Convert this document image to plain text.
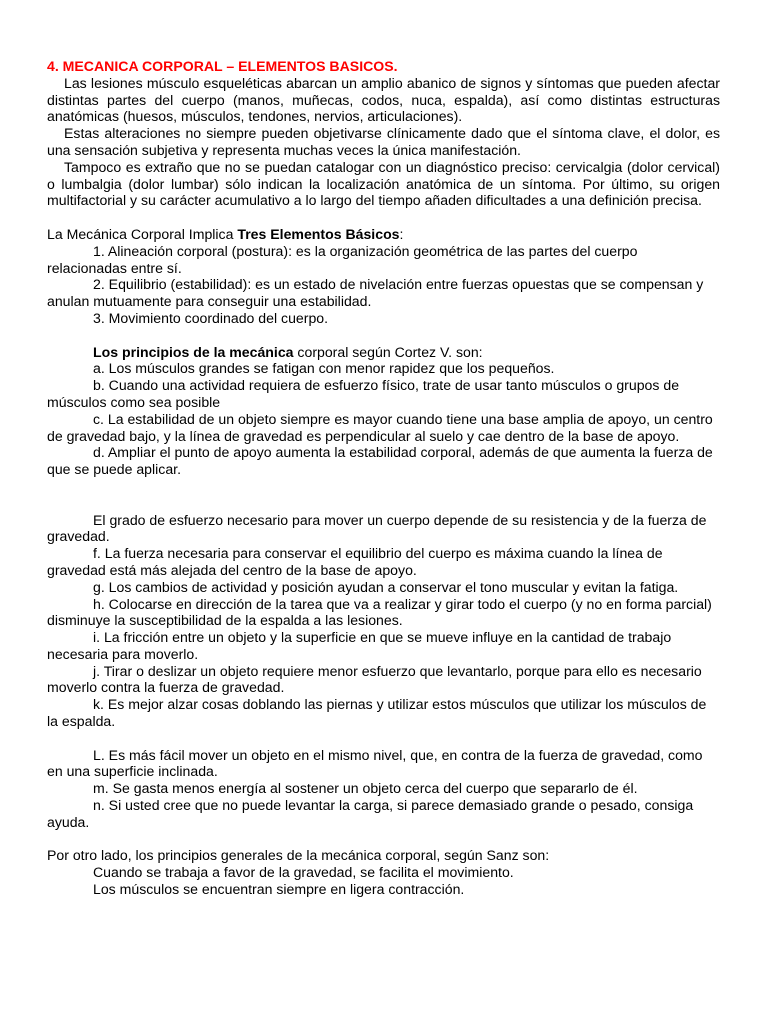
4. MECANICA CORPORAL – ELEMENTOS BASICOS.

Las lesiones músculo esqueléticas abarcan un amplio abanico de signos y síntomas que pueden afectar distintas partes del cuerpo (manos, muñecas, codos, nuca, espalda), así como distintas estructuras anatómicas (huesos, músculos, tendones, nervios, articulaciones).

Estas alteraciones no siempre pueden objetivarse clínicamente dado que el síntoma clave, el dolor, es una sensación subjetiva y representa muchas veces la única manifestación.

Tampoco es extraño que no se puedan catalogar con un diagnóstico preciso: cervicalgia (dolor cervical) o lumbalgia (dolor lumbar) sólo indican la localización anatómica de un síntoma. Por último, su origen multifactorial y su carácter acumulativo a lo largo del tiempo añaden dificultades a una definición precisa.

La Mecánica Corporal Implica Tres Elementos Básicos:

1. Alineación corporal (postura): es la organización geométrica de las partes del cuerpo relacionadas entre sí.

2. Equilibrio (estabilidad): es un estado de nivelación entre fuerzas opuestas que se compensan y anulan mutuamente para conseguir una estabilidad.

3. Movimiento coordinado del cuerpo.

Los principios de la mecánica corporal según Cortez V. son:

a. Los músculos grandes se fatigan con menor rapidez que los pequeños.

b. Cuando una actividad requiera de esfuerzo físico, trate de usar tanto músculos o grupos de músculos como sea posible

c. La estabilidad de un objeto siempre es mayor cuando tiene una base amplia de apoyo, un centro de gravedad bajo, y la línea de gravedad es perpendicular al suelo y cae dentro de la base de apoyo.

d. Ampliar el punto de apoyo aumenta la estabilidad corporal, además de que aumenta la fuerza de que se puede aplicar.

El grado de esfuerzo necesario para mover un cuerpo depende de su resistencia y de la fuerza de gravedad.

f. La fuerza necesaria para conservar el equilibrio del cuerpo es máxima cuando la línea de gravedad está más alejada del centro de la base de apoyo.

g. Los cambios de actividad y posición ayudan a conservar el tono muscular y evitan la fatiga.

h. Colocarse en dirección de la tarea que va a realizar y girar todo el cuerpo (y no en forma parcial) disminuye la susceptibilidad de la espalda a las lesiones.

i. La fricción entre un objeto y la superficie en que se mueve influye en la cantidad de trabajo necesaria para moverlo.

j. Tirar o deslizar un objeto requiere menor esfuerzo que levantarlo, porque para ello es necesario moverlo contra la fuerza de gravedad.

k. Es mejor alzar cosas doblando las piernas y utilizar estos músculos que utilizar los músculos de la espalda.

L. Es más fácil mover un objeto en el mismo nivel, que, en contra de la fuerza de gravedad, como en una superficie inclinada.

m. Se gasta menos energía al sostener un objeto cerca del cuerpo que separarlo de él.

n. Si usted cree que no puede levantar la carga, si parece demasiado grande o pesado, consiga ayuda.

Por otro lado, los principios generales de la mecánica corporal, según Sanz son:

Cuando se trabaja a favor de la gravedad, se facilita el movimiento.

Los músculos se encuentran siempre en ligera contracción.
